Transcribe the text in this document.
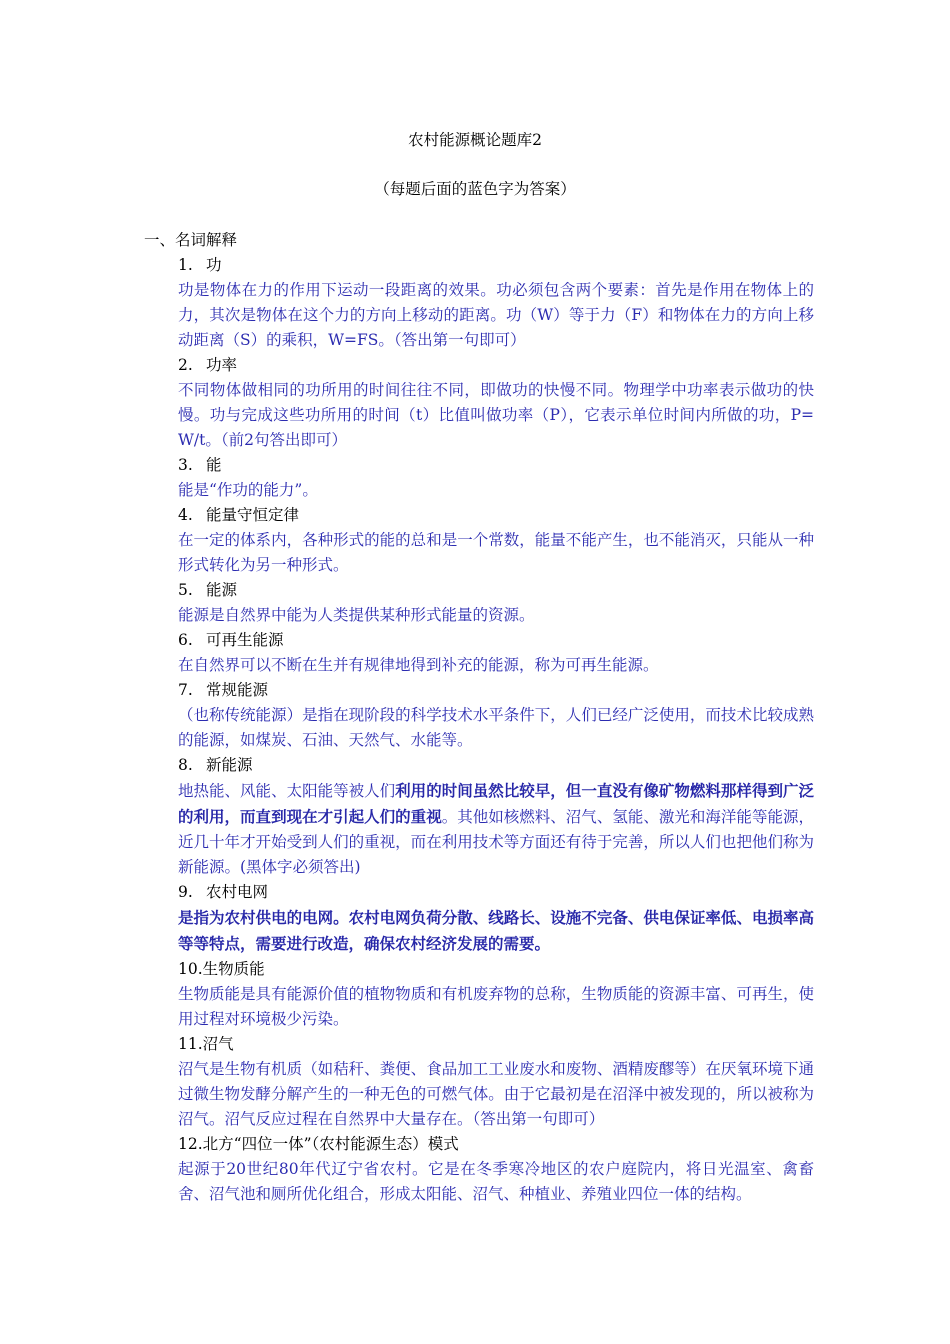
农村能源概论题库2
（每题后面的蓝色字为答案）
一、名词解释
1. 功
功是物体在力的作用下运动一段距离的效果。功必须包含两个要素：首先是作用在物体上的力，其次是物体在这个力的方向上移动的距离。功（W）等于力（F）和物体在力的方向上移动距离（S）的乘积，W=FS。（答出第一句即可）
2. 功率
不同物体做相同的功所用的时间往往不同，即做功的快慢不同。物理学中功率表示做功的快慢。功与完成这些功所用的时间（t）比值叫做功率（P），它表示单位时间内所做的功，P=W/t。（前2句答出即可）
3. 能
能是“作功的能力”。
4. 能量守恒定律
在一定的体系内，各种形式的能的总和是一个常数，能量不能产生，也不能消灭，只能从一种形式转化为另一种形式。
5. 能源
能源是自然界中能为人类提供某种形式能量的资源。
6. 可再生能源
在自然界可以不断在生并有规律地得到补充的能源，称为可再生能源。
7. 常规能源
（也称传统能源）是指在现阶段的科学技术水平条件下，人们已经广泛使用，而技术比较成熟的能源，如煤炭、石油、天然气、水能等。
8. 新能源
地热能、风能、太阳能等被人们利用的时间虽然比较早，但一直没有像矿物燃料那样得到广泛的利用，而直到现在才引起人们的重视。其他如核燃料、沼气、氢能、激光和海洋能等能源，近几十年才开始受到人们的重视，而在利用技术等方面还有待于完善，所以人们也把他们称为新能源。(黑体字必须答出)
9. 农村电网
是指为农村供电的电网。农村电网负荷分散、线路长、设施不完备、供电保证率低、电损率高等等特点，需要进行改造，确保农村经济发展的需要。
10.生物质能
生物质能是具有能源价值的植物物质和有机废弃物的总称，生物质能的资源丰富、可再生，使用过程对环境极少污染。
11.沼气
沼气是生物有机质（如秸秆、粪便、食品加工工业废水和废物、酒精废醪等）在厌氧环境下通过微生物发酵分解产生的一种无色的可燃气体。由于它最初是在沼泽中被发现的，所以被称为沼气。沼气反应过程在自然界中大量存在。（答出第一句即可）
12.北方“四位一体”（农村能源生态）模式
起源于20世纪80年代辽宁省农村。它是在冬季寒冷地区的农户庭院内，将日光温室、禽畜舍、沼气池和厕所优化组合，形成太阳能、沼气、种植业、养殖业四位一体的结构。
